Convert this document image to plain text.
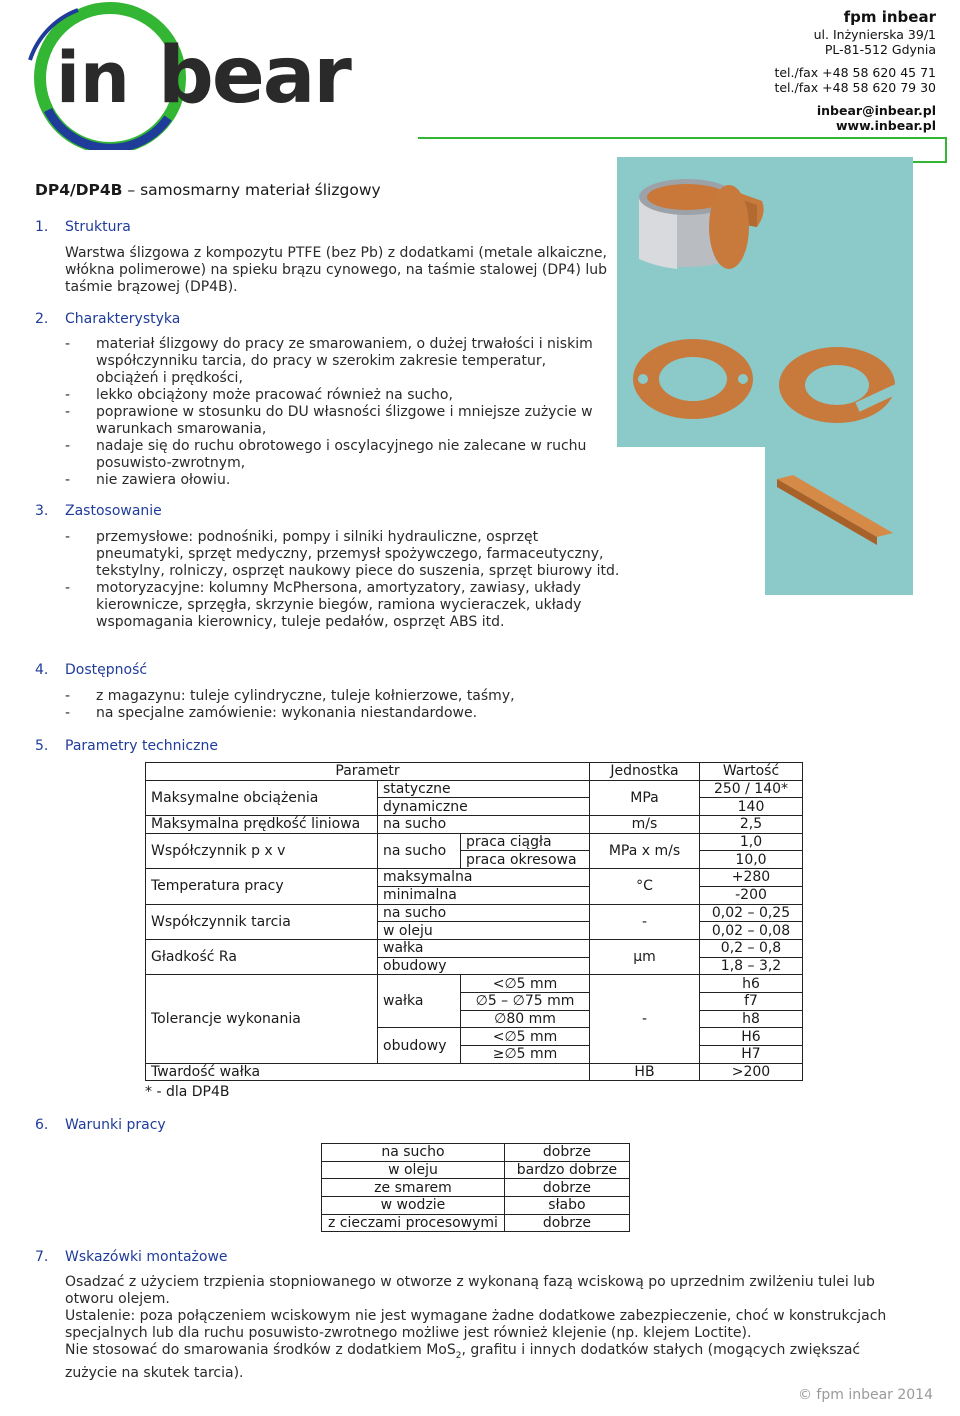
in bear
fpm inbear
ul. Inżynierska 39/1
PL-81-512 Gdynia
tel./fax +48 58 620 45 71
tel./fax +48 58 620 79 30
inbear@inbear.pl
www.inbear.pl
DP4/DP4B – samosmarny materiał ślizgowy
1. Struktura
Warstwa ślizgowa z kompozytu PTFE (bez Pb) z dodatkami (metale alkaiczne, włókna polimerowe) na spieku brązu cynowego, na taśmie stalowej (DP4) lub taśmie brązowej (DP4B).
2. Charakterystyka
- materiał ślizgowy do pracy ze smarowaniem, o dużej trwałości i niskim współczynniku tarcia, do pracy w szerokim zakresie temperatur, obciążeń i prędkości,
- lekko obciążony może pracować również na sucho,
- poprawione w stosunku do DU własności ślizgowe i mniejsze zużycie w warunkach smarowania,
- nadaje się do ruchu obrotowego i oscylacyjnego nie zalecane w ruchu posuwisto-zwrotnym,
- nie zawiera ołowiu.
3. Zastosowanie
- przemysłowe: podnośniki, pompy i silniki hydrauliczne, osprzęt pneumatyki, sprzęt medyczny, przemysł spożywczego, farmaceutyczny, tekstylny, rolniczy, osprzęt naukowy piece do suszenia, sprzęt biurowy itd.
- motoryzacyjne: kolumny McPhersona, amortyzatory, zawiasy, układy kierownicze, sprzęgła, skrzynie biegów, ramiona wycieraczek, układy wspomagania kierownicy, tuleje pedałów, osprzęt ABS itd.
4. Dostępność
- z magazynu: tuleje cylindryczne, tuleje kołnierzowe, taśmy,
- na specjalne zamówienie: wykonania niestandardowe.
5. Parametry techniczne
Parametr			Jednostka	Wartość
Maksymalne obciążenia	statyczne		MPa	250 / 140*
	dynamiczne			140
Maksymalna prędkość liniowa	na sucho		m/s	2,5
Współczynnik p x v	na sucho	praca ciągła	MPa x m/s	1,0
		praca okresowa		10,0
Temperatura pracy	maksymalna		°C	+280
	minimalna			-200
Współczynnik tarcia	na sucho		-	0,02 – 0,25
	w oleju			0,02 – 0,08
Gładkość Ra	wałka		µm	0,2 – 0,8
	obudowy			1,8 – 3,2
Tolerancje wykonania	wałka	<∅5 mm	-	h6
		∅5 – ∅75 mm		f7
		∅80 mm		h8
	obudowy	<∅5 mm		H6
		≥∅5 mm		H7
Twardość wałka			HB	>200
* - dla DP4B
6. Warunki pracy
na sucho	dobrze
w oleju	bardzo dobrze
ze smarem	dobrze
w wodzie	słabo
z cieczami procesowymi	dobrze
7. Wskazówki montażowe
Osadzać z użyciem trzpienia stopniowanego w otworze z wykonaną fazą wciskową po uprzednim zwilżeniu tulei lub otworu olejem.
Ustalenie: poza połączeniem wciskowym nie jest wymagane żadne dodatkowe zabezpieczenie, choć w konstrukcjach specjalnych lub dla ruchu posuwisto-zwrotnego możliwe jest również klejenie (np. klejem Loctite).
Nie stosować do smarowania środków z dodatkiem MoS$_2$, grafitu i innych dodatków stałych (mogących zwiększać zużycie na skutek tarcia).
© fpm inbear 2014
